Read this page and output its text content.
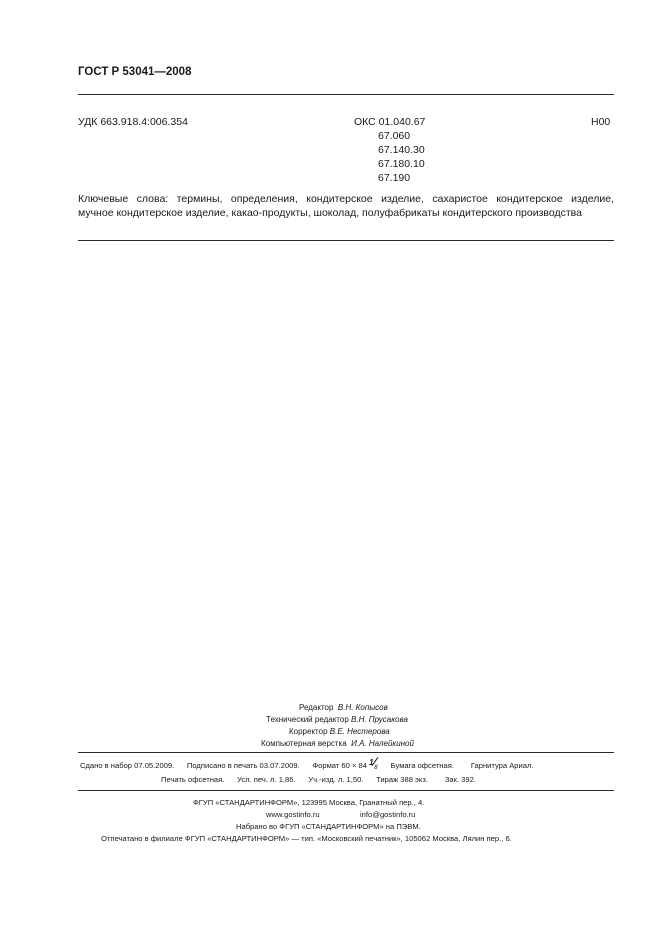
ГОСТ Р 53041—2008
УДК 663.918.4:006.354	ОКС 01.040.67
67.060
67.140.30
67.180.10
67.190
Н00
Ключевые слова: термины, определения, кондитерское изделие, сахаристое кондитерское изделие,
мучное кондитерское изделие, какао-продукты, шоколад, полуфабрикаты кондитерского производства
Редактор В.Н. Копысов
Технический редактор В.Н. Прусакова
Корректор В.Е. Нестерова
Компьютерная верстка И.А. Налейкиной
Сдано в набор 07.05.2009. Подписано в печать 03.07.2009. Формат 60 × 84 1
8 Бумага офсетная. Гарнитура Ариал.
Печать офсетная. Усл. печ. л. 1,86. Уч.-изд. л. 1,50. Тираж 388 экз. Зак. 392.
ФГУП «СТАНДАРТИНФОРМ», 123995 Москва, Гранатный пер., 4.
www.gostinfo.ru	info@gostinfo.ru
Набрано во ФГУП «СТАНДАРТИНФОРМ» на ПЭВМ.
Отпечатано в филиале ФГУП «СТАНДАРТИНФОРМ» — тип. «Московский печатник», 105062 Москва, Лялин пер., 6.
